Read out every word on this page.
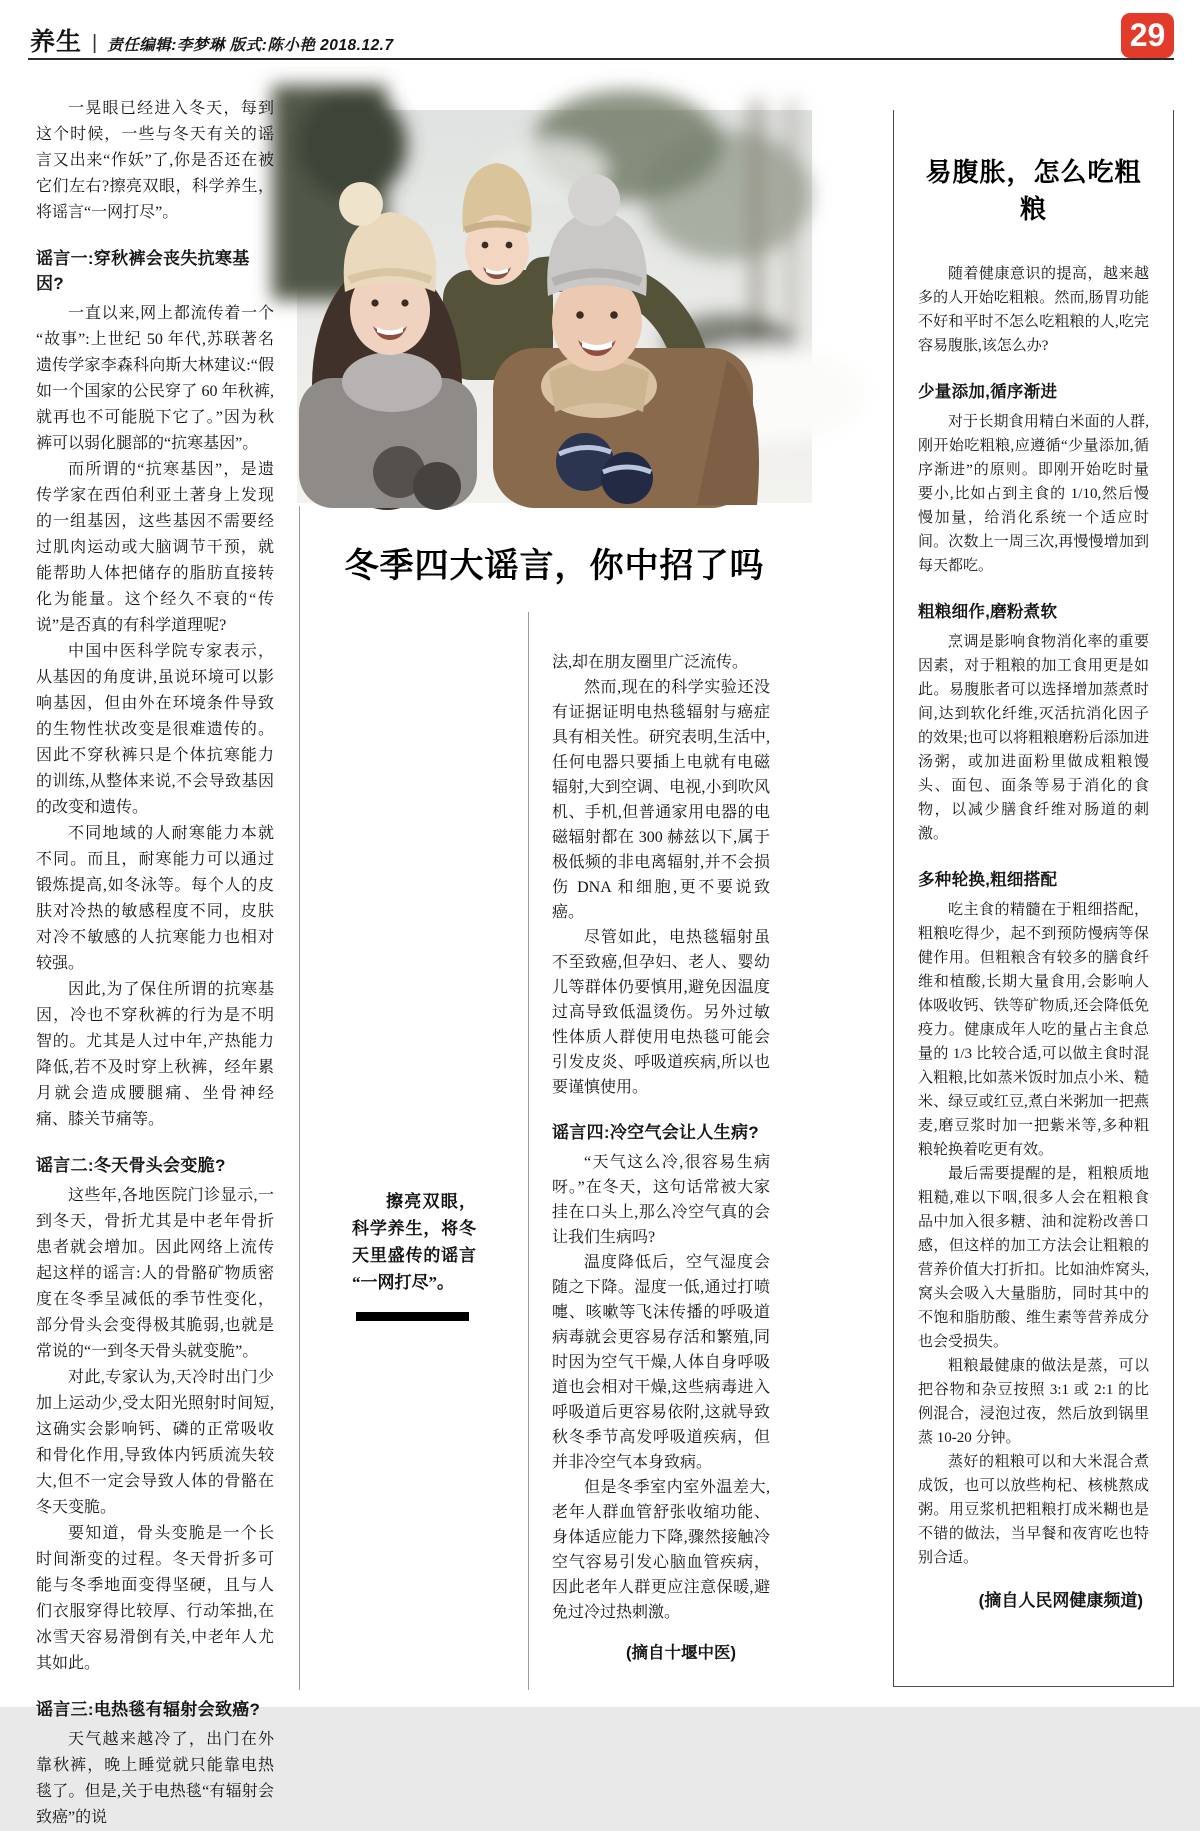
养生 | 责任编辑:李梦琳 版式:陈小艳 2018.12.7	29
冬季四大谣言，你中招了吗

一晃眼已经进入冬天，每到这个时候，一些与冬天有关的谣言又出来“作妖”了,你是否还在被它们左右?擦亮双眼，科学养生，将谣言“一网打尽”。

谣言一:穿秋裤会丧失抗寒基因?

一直以来,网上都流传着一个“故事”:上世纪 50 年代,苏联著名遗传学家李森科向斯大林建议:“假如一个国家的公民穿了 60 年秋裤,就再也不可能脱下它了。”因为秋裤可以弱化腿部的“抗寒基因”。

而所谓的“抗寒基因”，是遗传学家在西伯利亚土著身上发现的一组基因，这些基因不需要经过肌肉运动或大脑调节干预，就能帮助人体把储存的脂肪直接转化为能量。这个经久不衰的“传说”是否真的有科学道理呢?

中国中医科学院专家表示，从基因的角度讲,虽说环境可以影响基因，但由外在环境条件导致的生物性状改变是很难遗传的。因此不穿秋裤只是个体抗寒能力的训练,从整体来说,不会导致基因的改变和遗传。

不同地域的人耐寒能力本就不同。而且，耐寒能力可以通过锻炼提高,如冬泳等。每个人的皮肤对冷热的敏感程度不同，皮肤对冷不敏感的人抗寒能力也相对较强。

因此,为了保住所谓的抗寒基因，冷也不穿秋裤的行为是不明智的。尤其是人过中年,产热能力降低,若不及时穿上秋裤，经年累月就会造成腰腿痛、坐骨神经痛、膝关节痛等。

谣言二:冬天骨头会变脆?

这些年,各地医院门诊显示,一到冬天，骨折尤其是中老年骨折患者就会增加。因此网络上流传起这样的谣言:人的骨骼矿物质密度在冬季呈减低的季节性变化，部分骨头会变得极其脆弱,也就是常说的“一到冬天骨头就变脆”。

对此,专家认为,天冷时出门少加上运动少,受太阳光照射时间短,这确实会影响钙、磷的正常吸收和骨化作用,导致体内钙质流失较大,但不一定会导致人体的骨骼在冬天变脆。

要知道，骨头变脆是一个长时间渐变的过程。冬天骨折多可能与冬季地面变得坚硬，且与人们衣服穿得比较厚、行动笨拙,在冰雪天容易滑倒有关,中老年人尤其如此。

谣言三:电热毯有辐射会致癌?

天气越来越冷了，出门在外靠秋裤，晚上睡觉就只能靠电热毯了。但是,关于电热毯“有辐射会致癌”的说

擦亮双眼，科学养生，将冬天里盛传的谣言“一网打尽”。

法,却在朋友圈里广泛流传。

然而,现在的科学实验还没有证据证明电热毯辐射与癌症具有相关性。研究表明,生活中,任何电器只要插上电就有电磁辐射,大到空调、电视,小到吹风机、手机,但普通家用电器的电磁辐射都在 300 赫兹以下,属于极低频的非电离辐射,并不会损伤 DNA 和细胞,更不要说致癌。

尽管如此，电热毯辐射虽不至致癌,但孕妇、老人、婴幼儿等群体仍要慎用,避免因温度过高导致低温烫伤。另外过敏性体质人群使用电热毯可能会引发皮炎、呼吸道疾病,所以也要谨慎使用。

谣言四:冷空气会让人生病?

“天气这么冷,很容易生病呀。”在冬天，这句话常被大家挂在口头上,那么冷空气真的会让我们生病吗?

温度降低后，空气湿度会随之下降。湿度一低,通过打喷嚏、咳嗽等飞沫传播的呼吸道病毒就会更容易存活和繁殖,同时因为空气干燥,人体自身呼吸道也会相对干燥,这些病毒进入呼吸道后更容易依附,这就导致秋冬季节高发呼吸道疾病，但并非冷空气本身致病。

但是冬季室内室外温差大,老年人群血管舒张收缩功能、身体适应能力下降,骤然接触冷空气容易引发心脑血管疾病，因此老年人群更应注意保暖,避免过冷过热刺激。

(摘自十堰中医)

易腹胀，怎么吃粗粮

随着健康意识的提高，越来越多的人开始吃粗粮。然而,肠胃功能不好和平时不怎么吃粗粮的人,吃完容易腹胀,该怎么办?

少量添加,循序渐进

对于长期食用精白米面的人群,刚开始吃粗粮,应遵循“少量添加,循序渐进”的原则。即刚开始吃时量要小,比如占到主食的 1/10,然后慢慢加量，给消化系统一个适应时间。次数上一周三次,再慢慢增加到每天都吃。

粗粮细作,磨粉煮软

烹调是影响食物消化率的重要因素，对于粗粮的加工食用更是如此。易腹胀者可以选择增加蒸煮时间,达到软化纤维,灭活抗消化因子的效果;也可以将粗粮磨粉后添加进汤粥，或加进面粉里做成粗粮馒头、面包、面条等易于消化的食物，以减少膳食纤维对肠道的刺激。

多种轮换,粗细搭配

吃主食的精髓在于粗细搭配，粗粮吃得少，起不到预防慢病等保健作用。但粗粮含有较多的膳食纤维和植酸,长期大量食用,会影响人体吸收钙、铁等矿物质,还会降低免疫力。健康成年人吃的量占主食总量的 1/3 比较合适,可以做主食时混入粗粮,比如蒸米饭时加点小米、糙米、绿豆或红豆,煮白米粥加一把燕麦,磨豆浆时加一把紫米等,多种粗粮轮换着吃更有效。

最后需要提醒的是，粗粮质地粗糙,难以下咽,很多人会在粗粮食品中加入很多糖、油和淀粉改善口感，但这样的加工方法会让粗粮的营养价值大打折扣。比如油炸窝头,窝头会吸入大量脂肪，同时其中的不饱和脂肪酸、维生素等营养成分也会受损失。

粗粮最健康的做法是蒸，可以把谷物和杂豆按照 3:1 或 2:1 的比例混合，浸泡过夜，然后放到锅里蒸 10-20 分钟。

蒸好的粗粮可以和大米混合煮成饭，也可以放些枸杞、核桃熬成粥。用豆浆机把粗粮打成米糊也是不错的做法，当早餐和夜宵吃也特别合适。

(摘自人民网健康频道)
